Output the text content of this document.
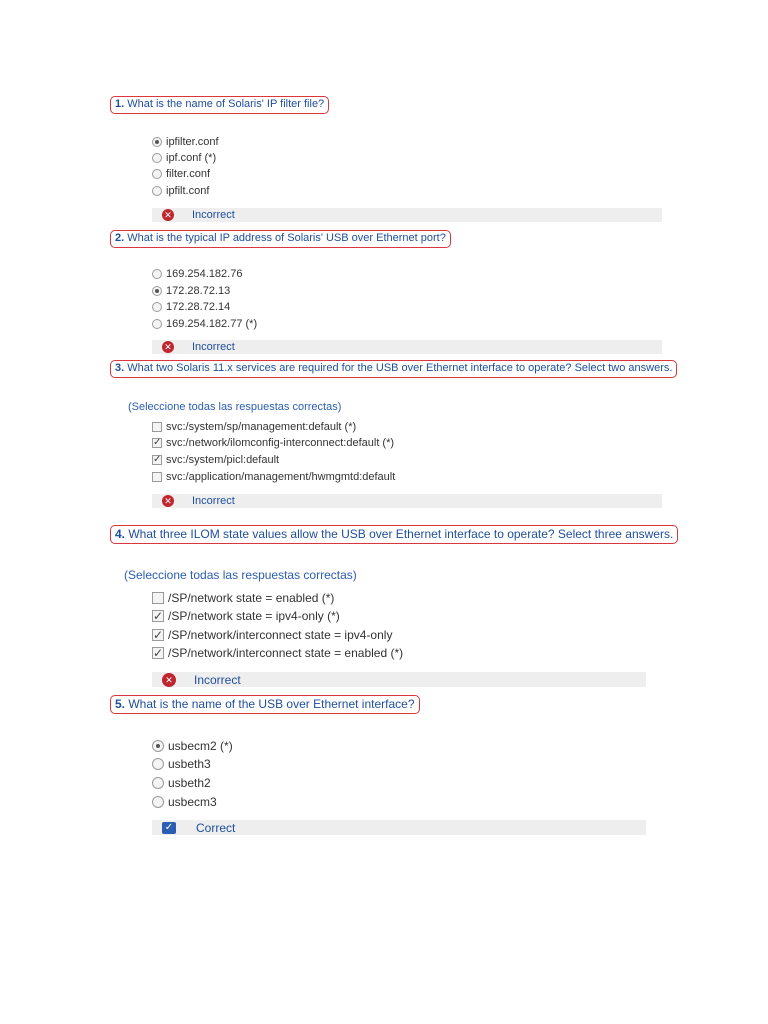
1. What is the name of Solaris' IP filter file?
ipfilter.conf
ipf.conf (*)
filter.conf
ipfilt.conf
✕ Incorrect
2. What is the typical IP address of Solaris' USB over Ethernet port?
169.254.182.76
172.28.72.13
172.28.72.14
169.254.182.77 (*)
✕ Incorrect
3. What two Solaris 11.x services are required for the USB over Ethernet interface to operate? Select two answers.
(Seleccione todas las respuestas correctas)
svc:/system/sp/management:default (*)
✓ svc:/network/ilomconfig-interconnect:default (*)
✓ svc:/system/picl:default
svc:/application/management/hwmgmtd:default
✕ Incorrect
4. What three ILOM state values allow the USB over Ethernet interface to operate? Select three answers.
(Seleccione todas las respuestas correctas)
/SP/network state = enabled (*)
✓ /SP/network state = ipv4-only (*)
✓ /SP/network/interconnect state = ipv4-only
✓ /SP/network/interconnect state = enabled (*)
✕ Incorrect
5. What is the name of the USB over Ethernet interface?
usbecm2 (*)
usbeth3
usbeth2
usbecm3
✓ Correct
